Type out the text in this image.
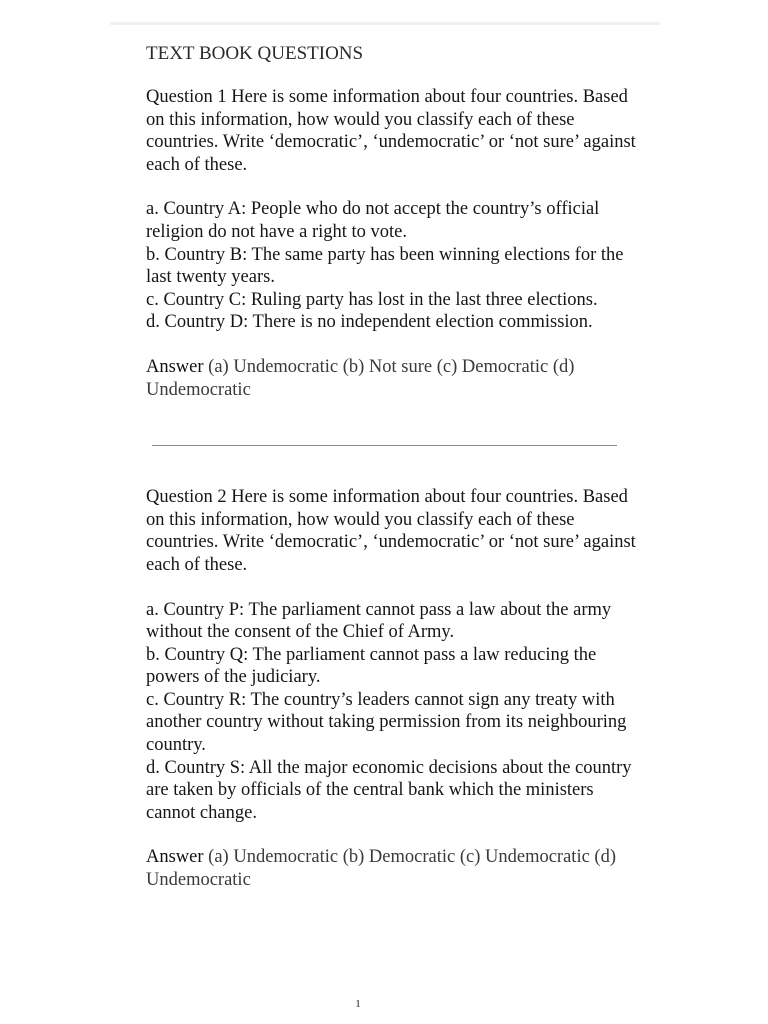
TEXT BOOK QUESTIONS

Question 1 Here is some information about four countries. Based on this information, how would you classify each of these countries. Write ‘democratic’, ‘undemocratic’ or ‘not sure’ against each of these.

a. Country A: People who do not accept the country’s official religion do not have a right to vote.
b. Country B: The same party has been winning elections for the last twenty years.
c. Country C: Ruling party has lost in the last three elections.
d. Country D: There is no independent election commission.

Answer (a) Undemocratic (b) Not sure (c) Democratic (d) Undemocratic

Question 2 Here is some information about four countries. Based on this information, how would you classify each of these countries. Write ‘democratic’, ‘undemocratic’ or ‘not sure’ against each of these.

a. Country P: The parliament cannot pass a law about the army without the consent of the Chief of Army.
b. Country Q: The parliament cannot pass a law reducing the powers of the judiciary.
c. Country R: The country’s leaders cannot sign any treaty with another country without taking permission from its neighbouring country.
d. Country S: All the major economic decisions about the country are taken by officials of the central bank which the ministers cannot change.

Answer (a) Undemocratic (b) Democratic (c) Undemocratic (d) Undemocratic

1
